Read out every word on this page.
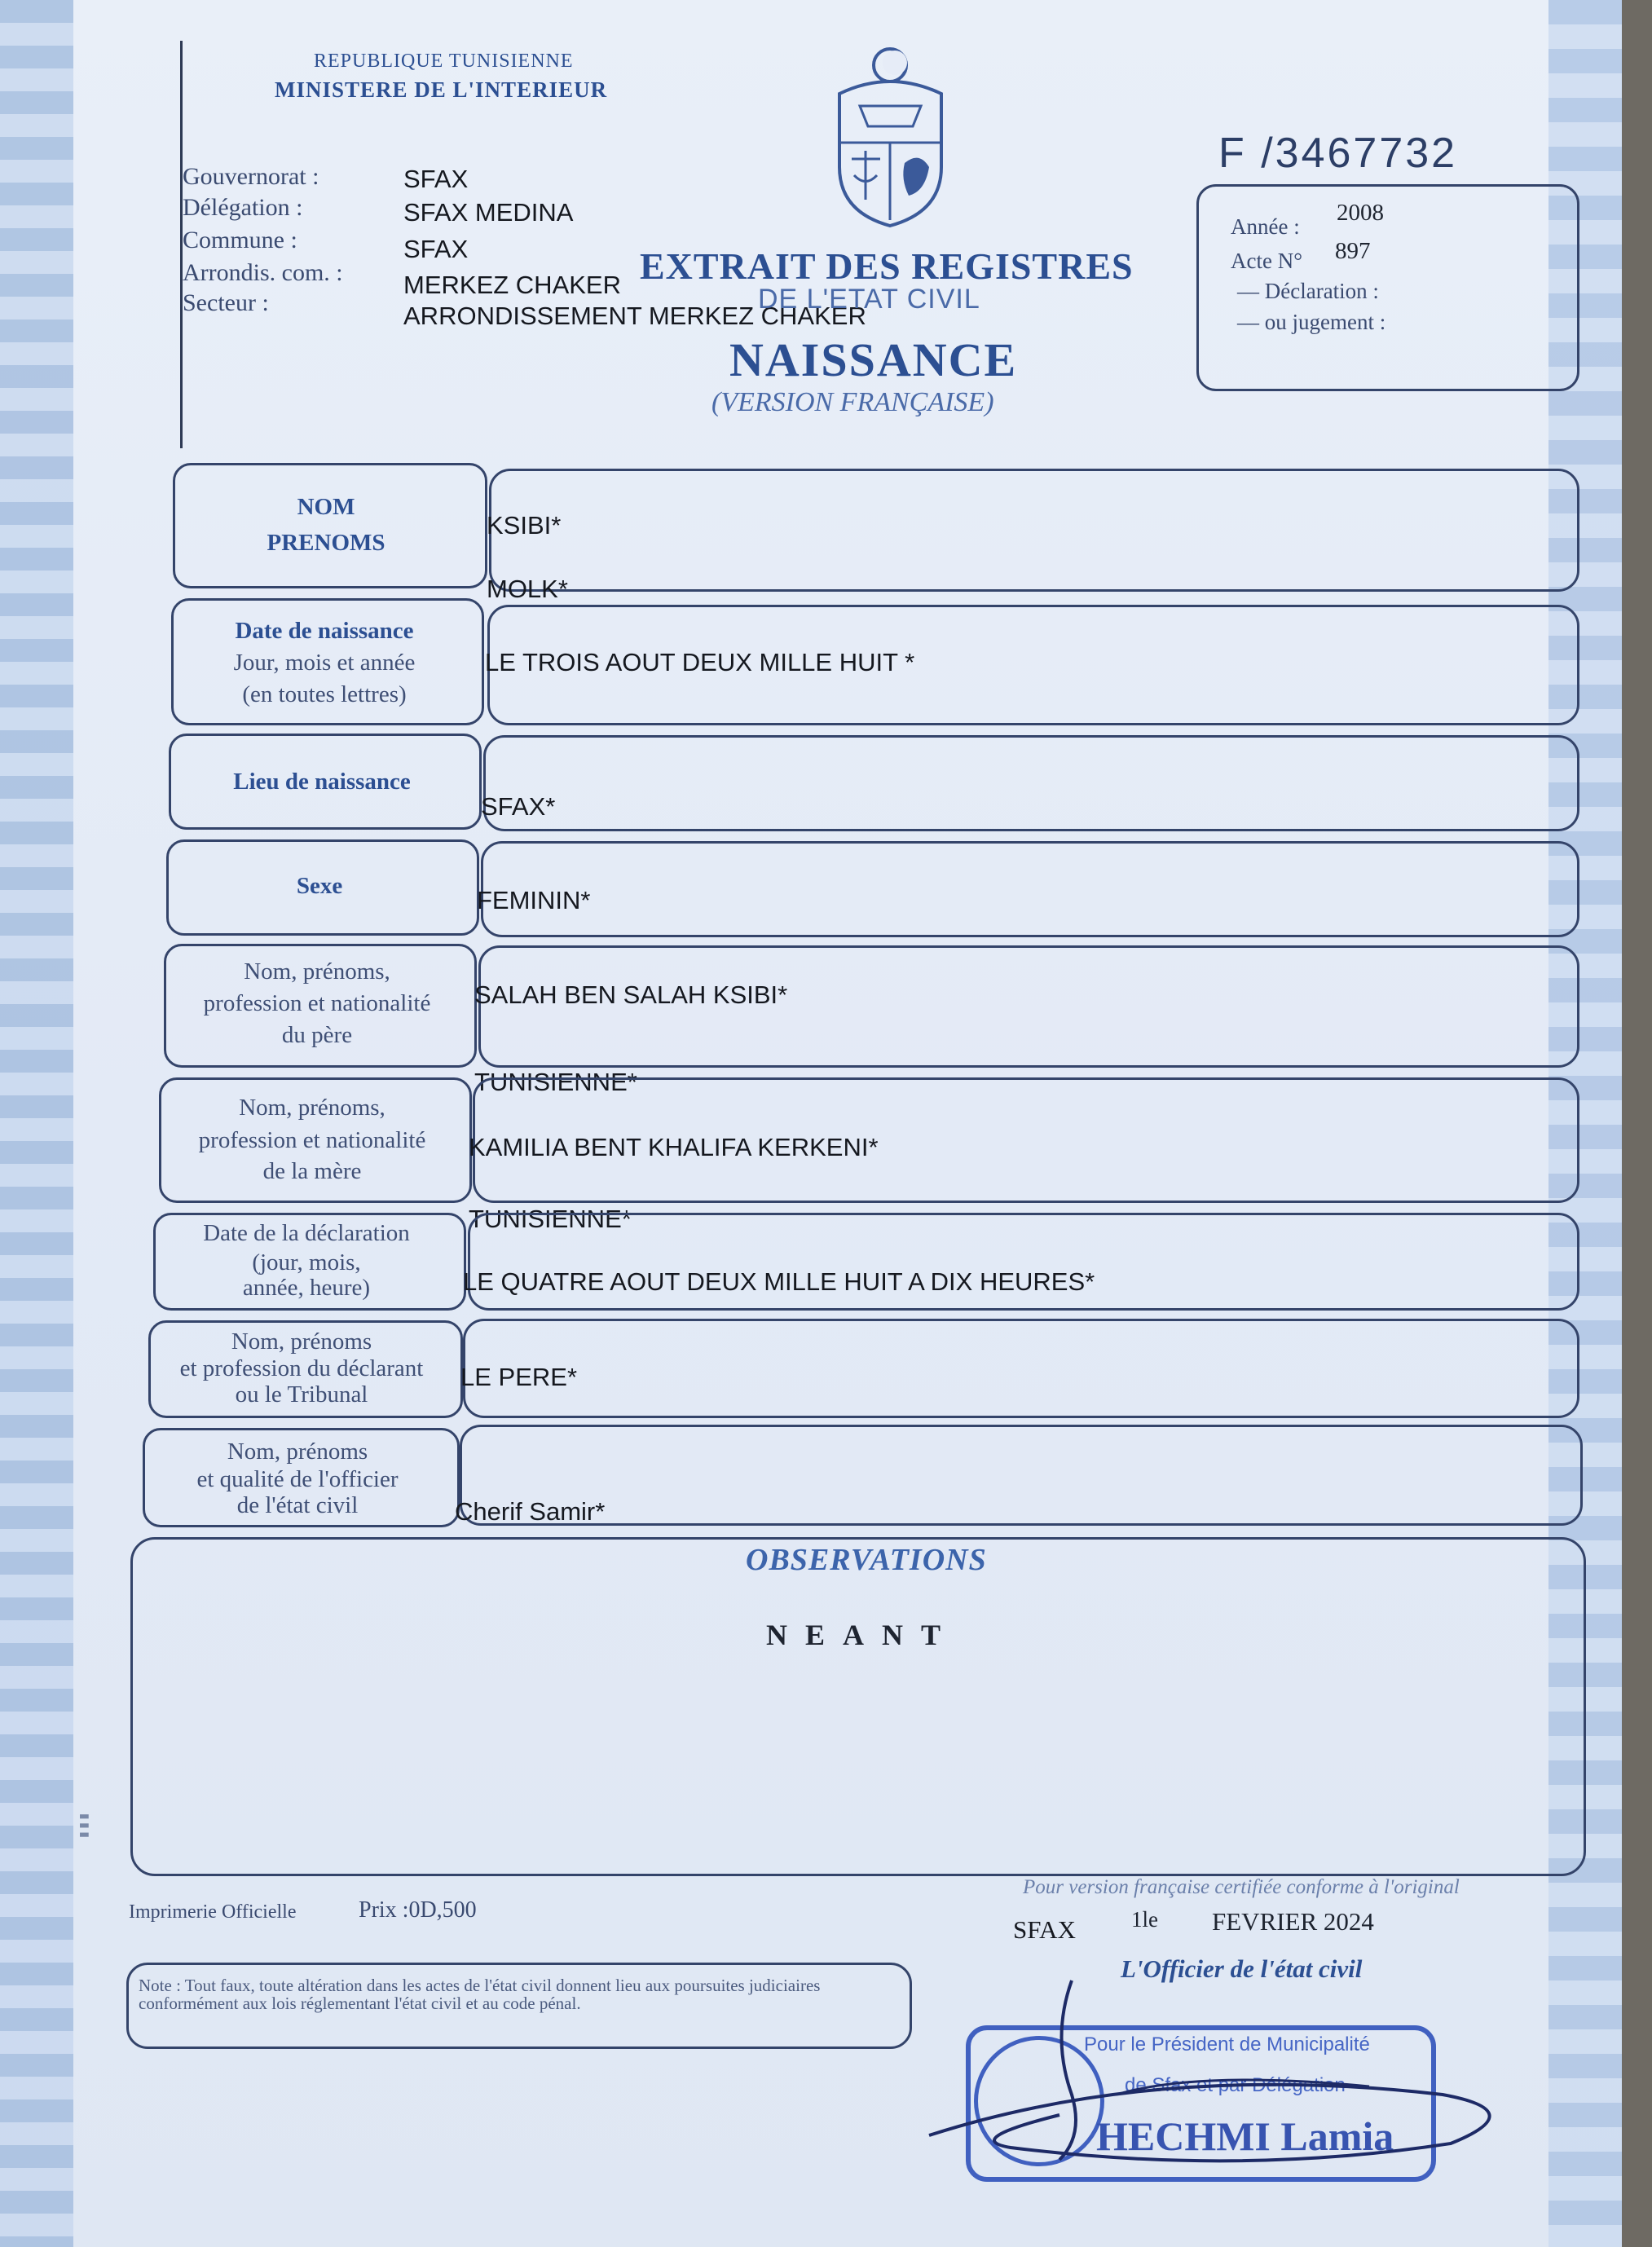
REPUBLIQUE TUNISIENNE
MINISTERE DE L'INTERIEUR
F /3467732
Gouvernorat :	SFAX
Délégation :	SFAX MEDINA
Commune :	SFAX
Arrondis. com. : MERKEZ CHAKER
Secteur :	ARRONDISSEMENT MERKEZ CHAKER
EXTRAIT DES REGISTRES
DE L'ETAT CIVIL
NAISSANCE
(VERSION FRANÇAISE)
Année :
2008
Acte N° 897
— Déclaration :
— ou jugement :
NOM
PRENOMS
KSIBI*
MOLK*
Date de naissance
Jour, mois et année
(en toutes lettres)
LE TROIS AOUT DEUX MILLE HUIT *
Lieu de naissance
SFAX*
Sexe	FEMININ*
Nom, prénoms,
profession et nationalité
du père
SALAH BEN SALAH KSIBI*
TUNISIENNE*
Nom, prénoms,
profession et nationalité
de la mère
KAMILIA BENT KHALIFA KERKENI*
TUNISIENNE*
Date de la déclaration
(jour, mois,
année, heure)	LE QUATRE AOUT DEUX MILLE HUIT A DIX HEURES*
Nom, prénoms
et profession du déclarant
ou le Tribunal
LE PERE*
Nom, prénoms
et qualité de l'officier
de l'état civil	Cherif Samir*
OBSERVATIONS
NEANT
Imprimerie Officielle	Prix :0D,500
Pour version française certifiée conforme à l'original
SFAX	1le FEVRIER 2024
L'Officier de l'état civil
Note : Tout faux, toute altération dans les actes de l'état civil donnent lieu aux poursuites judiciaires conformément aux lois réglementant l'état civil et au code pénal.
Pour le Président de Municipalité
de Sfax et par Délégation
HECHMI Lamia
▮ ▮ ▮
